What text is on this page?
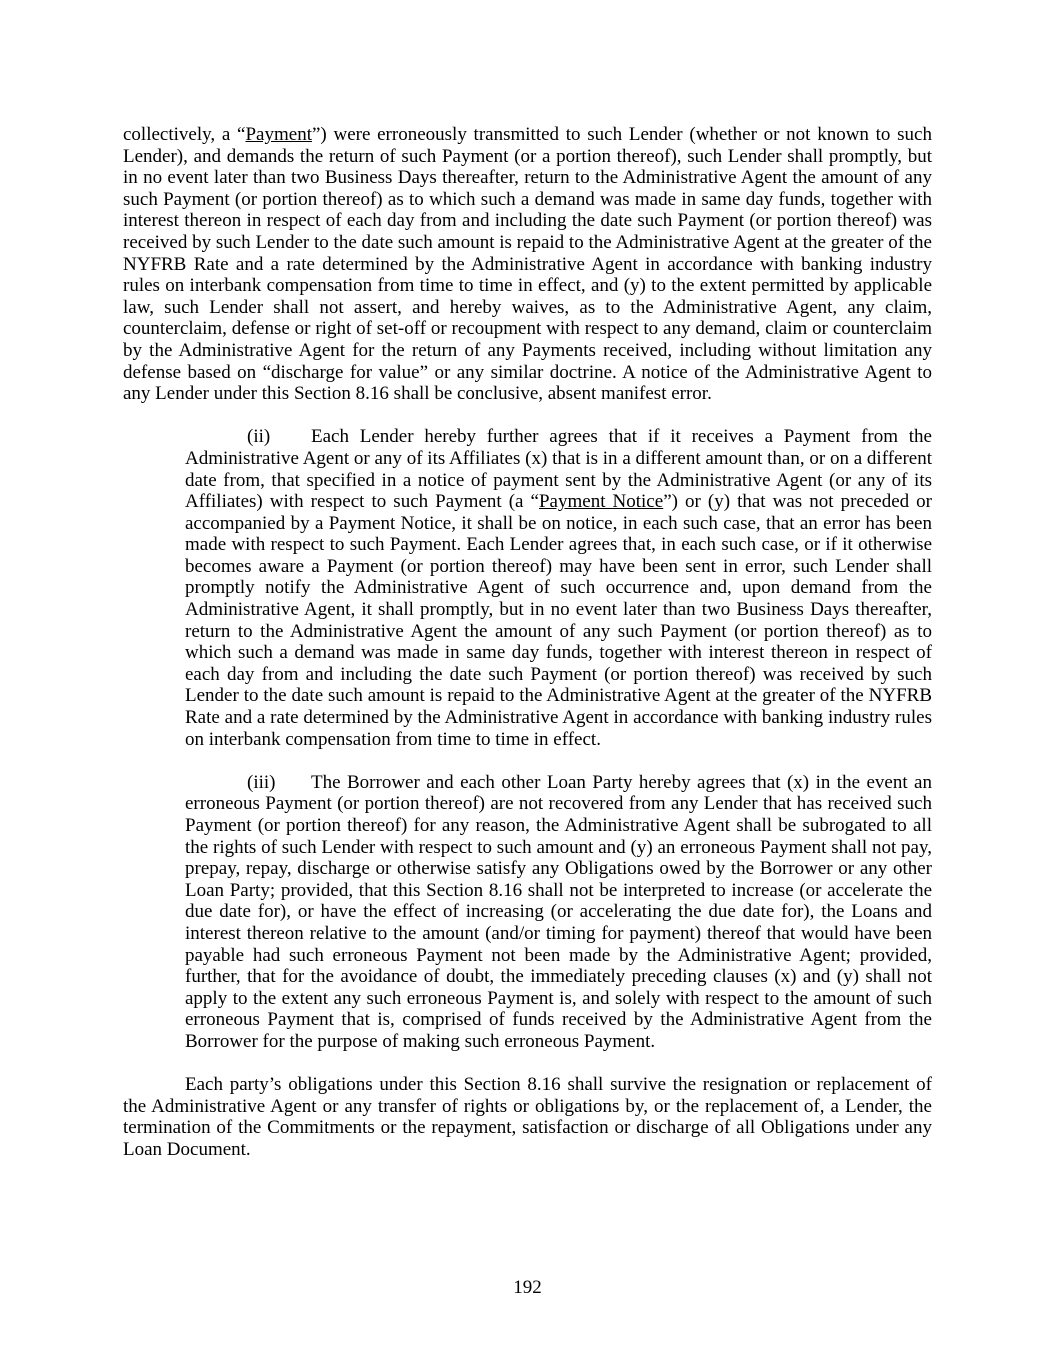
collectively, a “Payment”) were erroneously transmitted to such Lender (whether or not known to such Lender), and demands the return of such Payment (or a portion thereof), such Lender shall promptly, but in no event later than two Business Days thereafter, return to the Administrative Agent the amount of any such Payment (or portion thereof) as to which such a demand was made in same day funds, together with interest thereon in respect of each day from and including the date such Payment (or portion thereof) was received by such Lender to the date such amount is repaid to the Administrative Agent at the greater of the NYFRB Rate and a rate determined by the Administrative Agent in accordance with banking industry rules on interbank compensation from time to time in effect, and (y) to the extent permitted by applicable law, such Lender shall not assert, and hereby waives, as to the Administrative Agent, any claim, counterclaim, defense or right of set-off or recoupment with respect to any demand, claim or counterclaim by the Administrative Agent for the return of any Payments received, including without limitation any defense based on “discharge for value” or any similar doctrine. A notice of the Administrative Agent to any Lender under this Section 8.16 shall be conclusive, absent manifest error.

(ii) Each Lender hereby further agrees that if it receives a Payment from the Administrative Agent or any of its Affiliates (x) that is in a different amount than, or on a different date from, that specified in a notice of payment sent by the Administrative Agent (or any of its Affiliates) with respect to such Payment (a “Payment Notice”) or (y) that was not preceded or accompanied by a Payment Notice, it shall be on notice, in each such case, that an error has been made with respect to such Payment. Each Lender agrees that, in each such case, or if it otherwise becomes aware a Payment (or portion thereof) may have been sent in error, such Lender shall promptly notify the Administrative Agent of such occurrence and, upon demand from the Administrative Agent, it shall promptly, but in no event later than two Business Days thereafter, return to the Administrative Agent the amount of any such Payment (or portion thereof) as to which such a demand was made in same day funds, together with interest thereon in respect of each day from and including the date such Payment (or portion thereof) was received by such Lender to the date such amount is repaid to the Administrative Agent at the greater of the NYFRB Rate and a rate determined by the Administrative Agent in accordance with banking industry rules on interbank compensation from time to time in effect.

(iii) The Borrower and each other Loan Party hereby agrees that (x) in the event an erroneous Payment (or portion thereof) are not recovered from any Lender that has received such Payment (or portion thereof) for any reason, the Administrative Agent shall be subrogated to all the rights of such Lender with respect to such amount and (y) an erroneous Payment shall not pay, prepay, repay, discharge or otherwise satisfy any Obligations owed by the Borrower or any other Loan Party; provided, that this Section 8.16 shall not be interpreted to increase (or accelerate the due date for), or have the effect of increasing (or accelerating the due date for), the Loans and interest thereon relative to the amount (and/or timing for payment) thereof that would have been payable had such erroneous Payment not been made by the Administrative Agent; provided, further, that for the avoidance of doubt, the immediately preceding clauses (x) and (y) shall not apply to the extent any such erroneous Payment is, and solely with respect to the amount of such erroneous Payment that is, comprised of funds received by the Administrative Agent from the Borrower for the purpose of making such erroneous Payment.

Each party’s obligations under this Section 8.16 shall survive the resignation or replacement of the Administrative Agent or any transfer of rights or obligations by, or the replacement of, a Lender, the termination of the Commitments or the repayment, satisfaction or discharge of all Obligations under any Loan Document.

192
